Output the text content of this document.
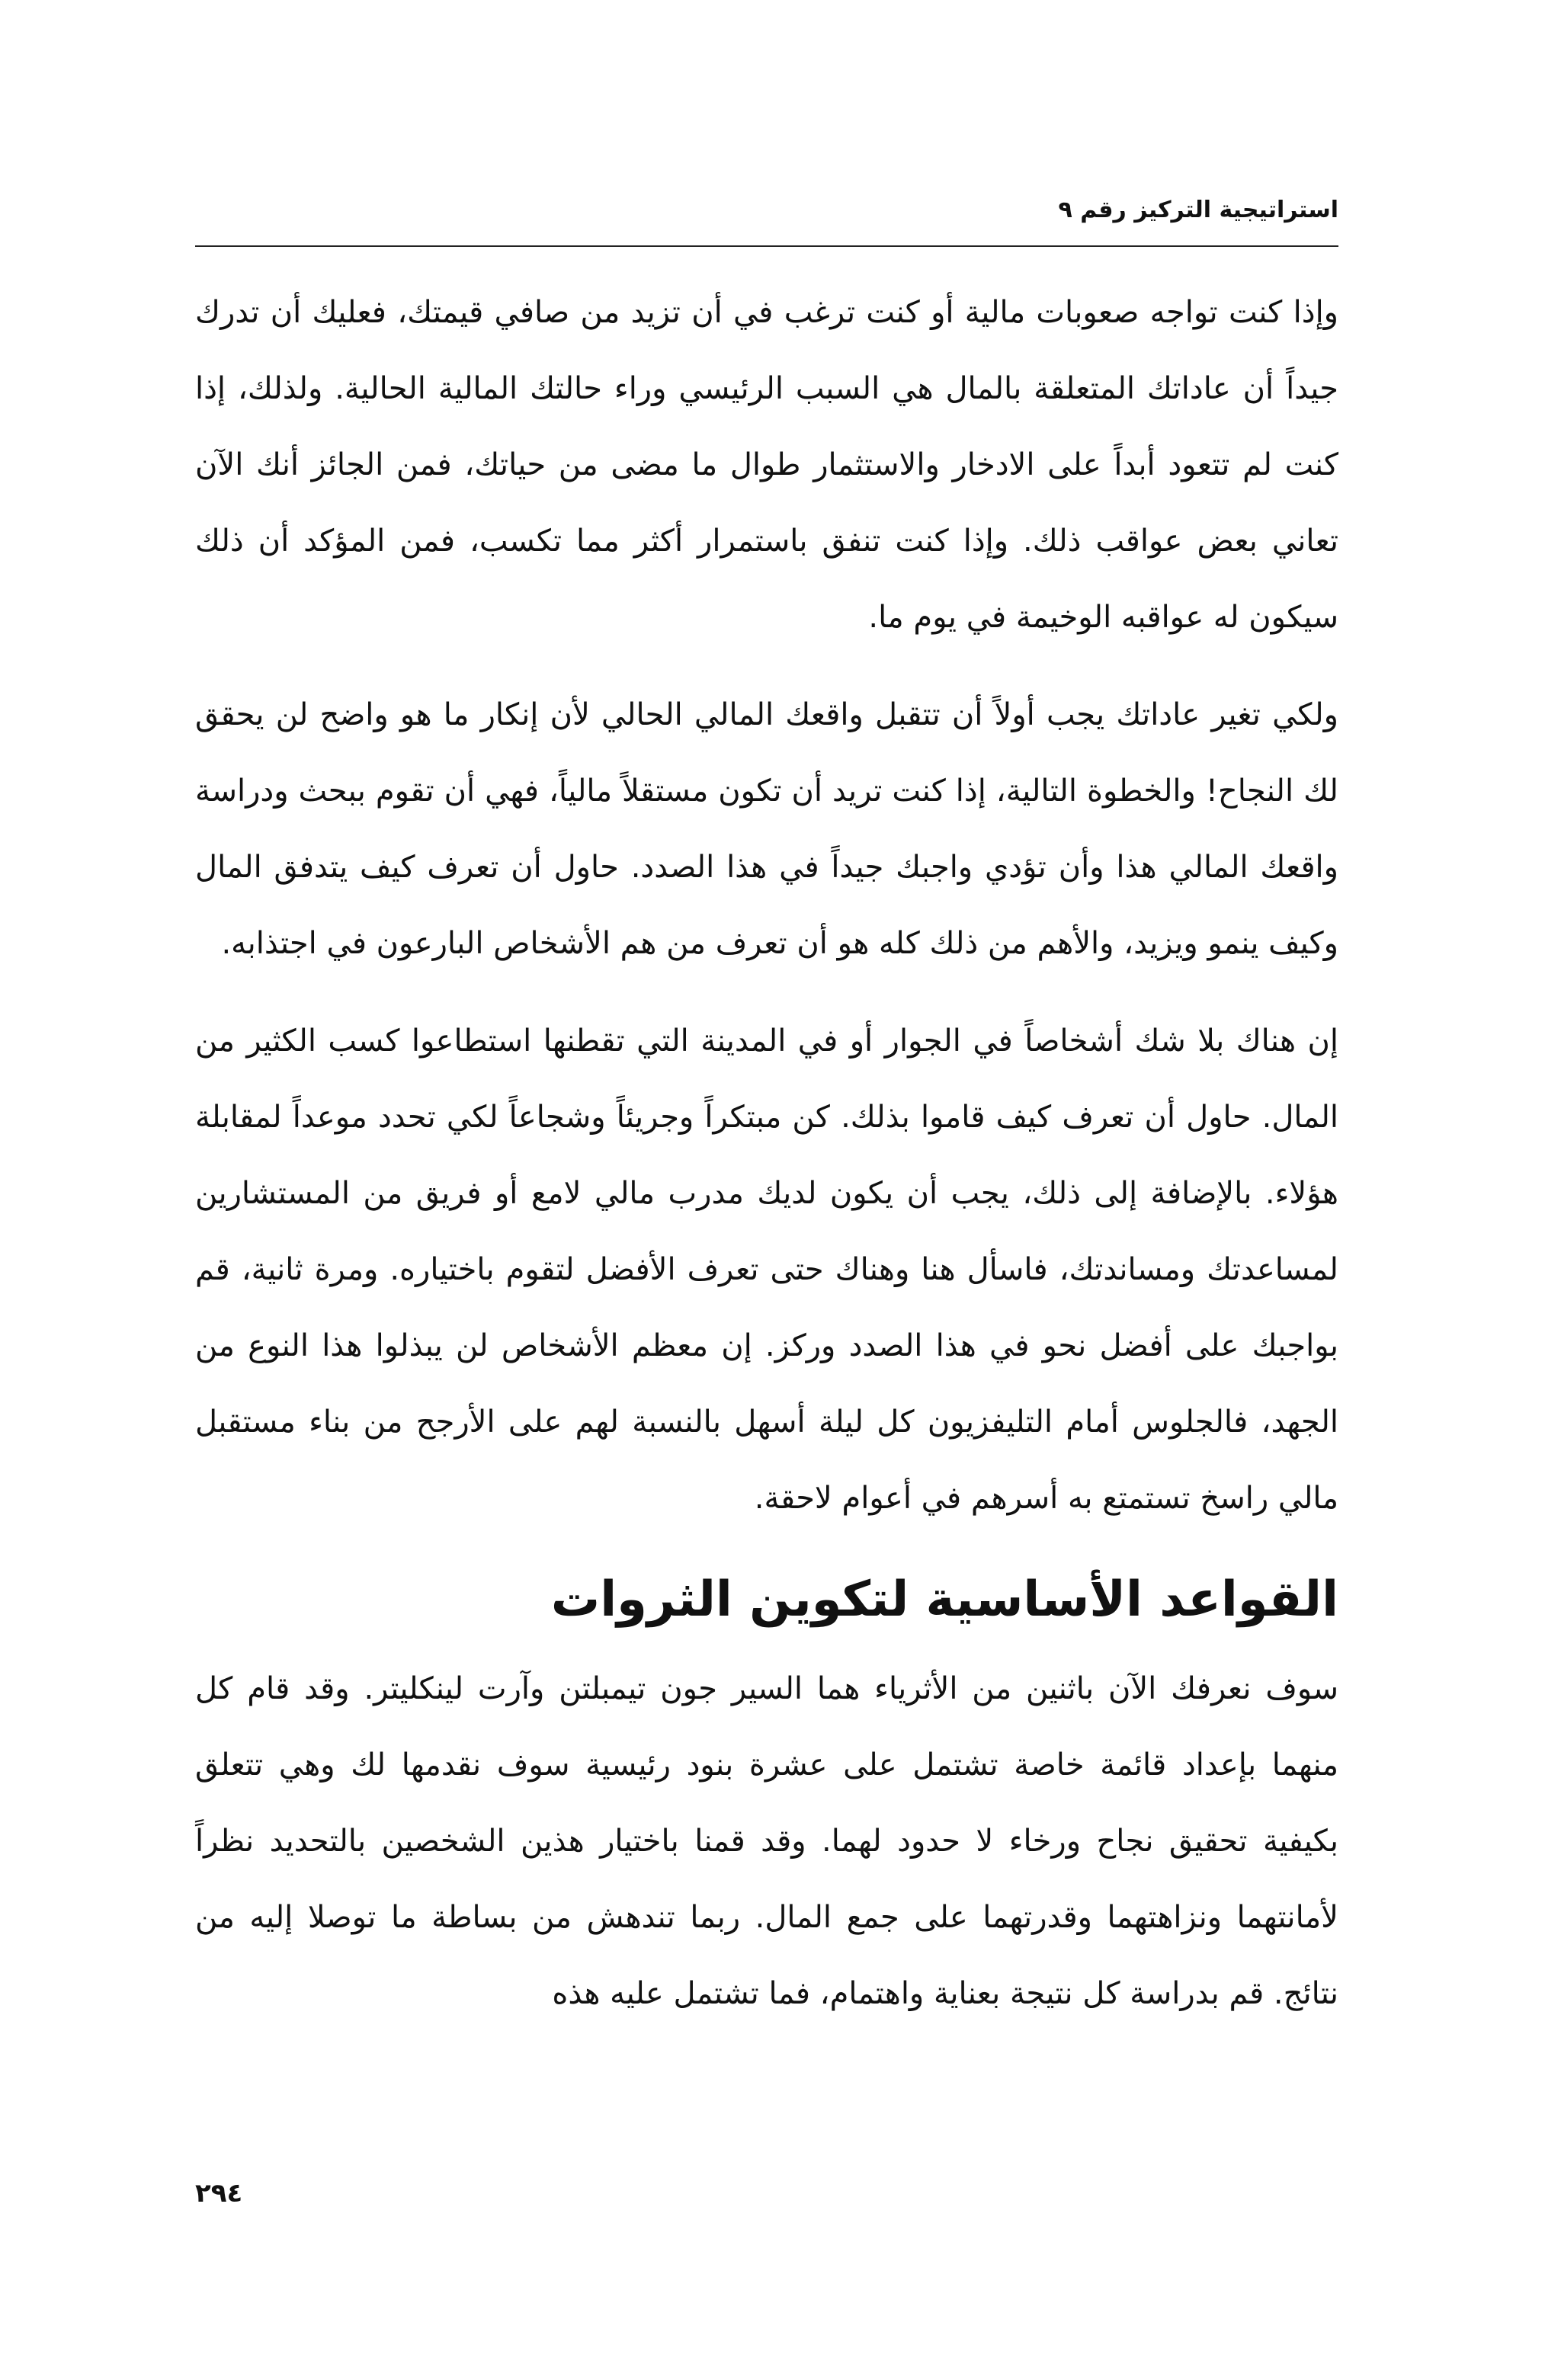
استراتيجية التركيز رقم ٩

وإذا كنت تواجه صعوبات مالية أو كنت ترغب في أن تزيد من صافي قيمتك، فعليك أن تدرك جيداً أن عاداتك المتعلقة بالمال هي السبب الرئيسي وراء حالتك المالية الحالية. ولذلك، إذا كنت لم تتعود أبداً على الادخار والاستثمار طوال ما مضى من حياتك، فمن الجائز أنك الآن تعاني بعض عواقب ذلك. وإذا كنت تنفق باستمرار أكثر مما تكسب، فمن المؤكد أن ذلك سيكون له عواقبه الوخيمة في يوم ما.

ولكي تغير عاداتك يجب أولاً أن تتقبل واقعك المالي الحالي لأن إنكار ما هو واضح لن يحقق لك النجاح! والخطوة التالية، إذا كنت تريد أن تكون مستقلاً مالياً، فهي أن تقوم ببحث ودراسة واقعك المالي هذا وأن تؤدي واجبك جيداً في هذا الصدد. حاول أن تعرف كيف يتدفق المال وكيف ينمو ويزيد، والأهم من ذلك كله هو أن تعرف من هم الأشخاص البارعون في اجتذابه.

إن هناك بلا شك أشخاصاً في الجوار أو في المدينة التي تقطنها استطاعوا كسب الكثير من المال. حاول أن تعرف كيف قاموا بذلك. كن مبتكراً وجريئاً وشجاعاً لكي تحدد موعداً لمقابلة هؤلاء. بالإضافة إلى ذلك، يجب أن يكون لديك مدرب مالي لامع أو فريق من المستشارين لمساعدتك ومساندتك، فاسأل هنا وهناك حتى تعرف الأفضل لتقوم باختياره. ومرة ثانية، قم بواجبك على أفضل نحو في هذا الصدد وركز. إن معظم الأشخاص لن يبذلوا هذا النوع من الجهد، فالجلوس أمام التليفزيون كل ليلة أسهل بالنسبة لهم على الأرجح من بناء مستقبل مالي راسخ تستمتع به أسرهم في أعوام لاحقة.

القواعد الأساسية لتكوين الثروات

سوف نعرفك الآن باثنين من الأثرياء هما السير جون تيمبلتن وآرت لينكليتر. وقد قام كل منهما بإعداد قائمة خاصة تشتمل على عشرة بنود رئيسية سوف نقدمها لك وهي تتعلق بكيفية تحقيق نجاح ورخاء لا حدود لهما. وقد قمنا باختيار هذين الشخصين بالتحديد نظراً لأمانتهما ونزاهتهما وقدرتهما على جمع المال. ربما تندهش من بساطة ما توصلا إليه من نتائج. قم بدراسة كل نتيجة بعناية واهتمام، فما تشتمل عليه هذه

٢٩٤
